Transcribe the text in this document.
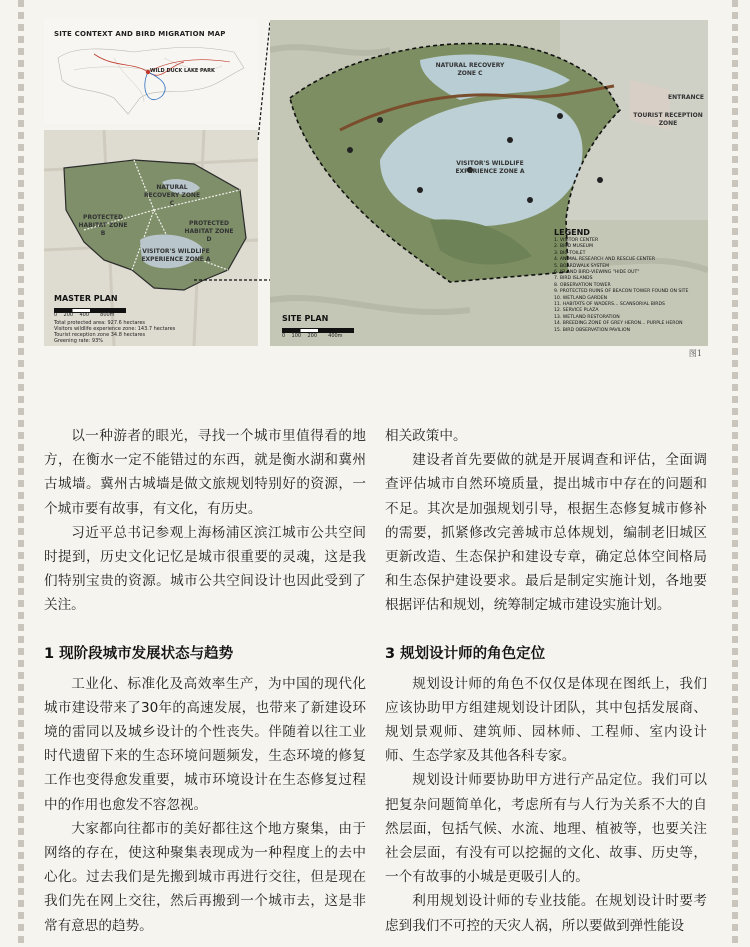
SITE CONTEXT AND BIRD MIGRATION MAP
WILD DUCK LAKE PARK
NATURAL RECOVERY ZONE C
PROTECTED HABITAT ZONE B
PROTECTED HABITAT ZONE D
VISITOR'S WILDLIFE EXPERIENCE ZONE A
MASTER PLAN
0 200 400 800m
Total protected area: 927.6 hectares
Visitors wildlife experience zone: 143.7 hectares
Tourist reception zone 34.8 hectares
Greening rate: 93%
NATURAL RECOVERY ZONE C
VISITOR'S WILDLIFE EXPERIENCE ZONE A
ENTRANCE
TOURIST RECEPTION ZONE
SITE PLAN
0 100 200 400m
LEGEND
1. VISITOR CENTER
2. BIRD MUSEUM
3. BIO-TOILET
4. ANIMAL RESEARCH AND RESCUE CENTER
5. BOARDWALK SYSTEM
6. ISLAND BIRD-VIEWING "HIDE OUT"
7. BIRD ISLANDS
8. OBSERVATION TOWER
9. PROTECTED RUINS OF BEACON TOWER FOUND ON SITE
10. WETLAND GARDEN
11. HABITATS OF WADERS... SCANSORIAL BIRDS
12. SERVICE PLAZA
13. WETLAND RESTORATION
14. BREEDING ZONE OF GREY HERON... PURPLE HERON
15. BIRD OBSERVATION PAVILION
图1

以一种游者的眼光，寻找一个城市里值得看的地方，在衡水一定不能错过的东西，就是衡水湖和冀州古城墙。冀州古城墙是做文旅规划特别好的资源，一个城市要有故事，有文化，有历史。

习近平总书记参观上海杨浦区滨江城市公共空间时提到，历史文化记忆是城市很重要的灵魂，这是我们特别宝贵的资源。城市公共空间设计也因此受到了关注。

1 现阶段城市发展状态与趋势

工业化、标准化及高效率生产，为中国的现代化城市建设带来了30年的高速发展，也带来了新建设环境的雷同以及城乡设计的个性丧失。伴随着以往工业时代遗留下来的生态环境问题频发，生态环境的修复工作也变得愈发重要，城市环境设计在生态修复过程中的作用也愈发不容忽视。

大家都向往都市的美好都往这个地方聚集，由于网络的存在，使这种聚集表现成为一种程度上的去中心化。过去我们是先搬到城市再进行交往，但是现在我们先在网上交往，然后再搬到一个城市去，这是非常有意思的趋势。

相关政策中。

建设者首先要做的就是开展调查和评估，全面调查评估城市自然环境质量，提出城市中存在的问题和不足。其次是加强规划引导，根据生态修复城市修补的需要，抓紧修改完善城市总体规划，编制老旧城区更新改造、生态保护和建设专章，确定总体空间格局和生态保护建设要求。最后是制定实施计划，各地要根据评估和规划，统筹制定城市建设实施计划。

3 规划设计师的角色定位

规划设计师的角色不仅仅是体现在图纸上，我们应该协助甲方组建规划设计团队，其中包括发展商、规划景观师、建筑师、园林师、工程师、室内设计师、生态学家及其他各科专家。

规划设计师要协助甲方进行产品定位。我们可以把复杂问题简单化，考虑所有与人行为关系不大的自然层面，包括气候、水流、地理、植被等，也要关注社会层面，有没有可以挖掘的文化、故事、历史等，一个有故事的小城是更吸引人的。

利用规划设计师的专业技能。在规划设计时要考虑到我们不可控的天灾人祸，所以要做到弹性能设
